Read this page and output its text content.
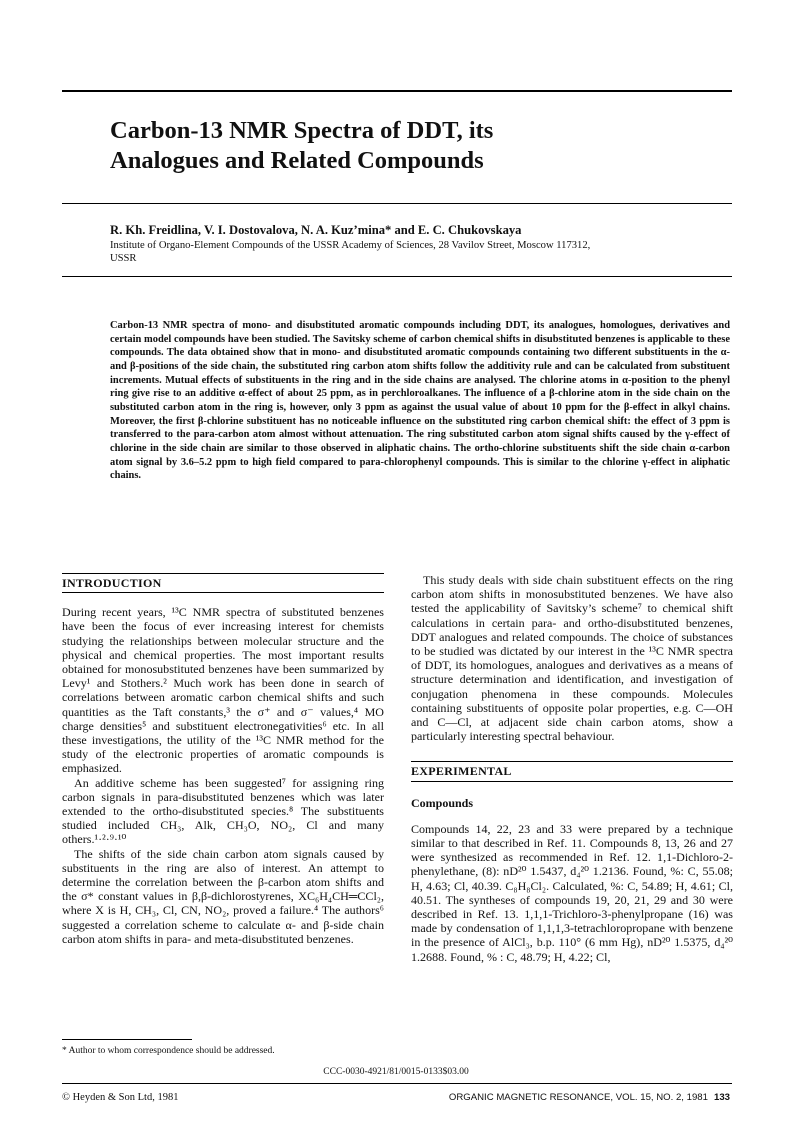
Carbon-13 NMR Spectra of DDT, its
Analogues and Related Compounds
R. Kh. Freidlina, V. I. Dostovalova, N. A. Kuz’mina* and E. C. Chukovskaya
Institute of Organo-Element Compounds of the USSR Academy of Sciences, 28 Vavilov Street, Moscow 117312,
USSR
Carbon-13 NMR spectra of mono- and disubstituted aromatic compounds including DDT, its analogues, homologues, derivatives and certain model compounds have been studied. The Savitsky scheme of carbon chemical shifts in disubstituted benzenes is applicable to these compounds. The data obtained show that in mono- and disubstituted aromatic compounds containing two different substituents in the α- and β-positions of the side chain, the substituted ring carbon atom shifts follow the additivity rule and can be calculated from substituent increments. Mutual effects of substituents in the ring and in the side chains are analysed. The chlorine atoms in α-position to the phenyl ring give rise to an additive α-effect of about 25 ppm, as in perchloroalkanes. The influence of a β-chlorine atom in the side chain on the substituted carbon atom in the ring is, however, only 3 ppm as against the usual value of about 10 ppm for the β-effect in alkyl chains. Moreover, the first β-chlorine substituent has no noticeable influence on the substituted ring carbon chemical shift: the effect of 3 ppm is transferred to the para-carbon atom almost without attenuation. The ring substituted carbon atom signal shifts caused by the γ-effect of chlorine in the side chain are similar to those observed in aliphatic chains. The ortho-chlorine substituents shift the side chain α-carbon atom signal by 3.6–5.2 ppm to high field compared to para-chlorophenyl compounds. This is similar to the chlorine γ-effect in aliphatic chains.
INTRODUCTION

During recent years, ¹³C NMR spectra of substituted benzenes have been the focus of ever increasing interest for chemists studying the relationships between molecular structure and the physical and chemical properties. The most important results obtained for monosubstituted benzenes have been summarized by Levy¹ and Stothers.² Much work has been done in search of correlations between aromatic carbon chemical shifts and such quantities as the Taft constants,³ the σ⁺ and σ⁻ values,⁴ MO charge densities⁵ and substituent electronegativities⁶ etc. In all these investigations, the utility of the ¹³C NMR method for the study of the electronic properties of aromatic compounds is emphasized.

An additive scheme has been suggested⁷ for assigning ring carbon signals in para-disubstituted benzenes which was later extended to the ortho-disubstituted species.⁸ The substituents studied included CH₃, Alk, CH₃O, NO₂, Cl and many others.¹·²·⁹·¹⁰

The shifts of the side chain carbon atom signals caused by substituents in the ring are also of interest. An attempt to determine the correlation between the β-carbon atom shifts and the σ* constant values in β,β-dichlorostyrenes, XC₆H₄CH═CCl₂, where X is H, CH₃, Cl, CN, NO₂, proved a failure.⁴ The authors⁶ suggested a correlation scheme to calculate α- and β-side chain carbon atom shifts in para- and meta-disubstituted benzenes.

This study deals with side chain substituent effects on the ring carbon atom shifts in monosubstituted benzenes. We have also tested the applicability of Savitsky’s scheme⁷ to chemical shift calculations in certain para- and ortho-disubstituted benzenes, DDT analogues and related compounds. The choice of substances to be studied was dictated by our interest in the ¹³C NMR spectra of DDT, its homologues, analogues and derivatives as a means of structure determination and identification, and investigation of conjugation phenomena in these compounds. Molecules containing substituents of opposite polar properties, e.g. C—OH and C—Cl, at adjacent side chain carbon atoms, show a particularly interesting spectral behaviour.

EXPERIMENTAL
Compounds

Compounds 14, 22, 23 and 33 were prepared by a technique similar to that described in Ref. 11. Compounds 8, 13, 26 and 27 were synthesized as recommended in Ref. 12. 1,1-Dichloro-2-phenylethane, (8): nD²⁰ 1.5437, d₄²⁰ 1.2136. Found, %: C, 55.08; H, 4.63; Cl, 40.39. C₈H₈Cl₂. Calculated, %: C, 54.89; H, 4.61; Cl, 40.51. The syntheses of compounds 19, 20, 21, 29 and 30 were described in Ref. 13. 1,1,1-Trichloro-3-phenylpropane (16) was made by condensation of 1,1,1,3-tetrachloropropane with benzene in the presence of AlCl₃, b.p. 110° (6 mm Hg), nD²⁰ 1.5375, d₄²⁰ 1.2688. Found, % : C, 48.79; H, 4.22; Cl,

* Author to whom correspondence should be addressed.
CCC-0030-4921/81/0015-0133$03.00
© Heyden & Son Ltd, 1981	ORGANIC MAGNETIC RESONANCE, VOL. 15, NO. 2, 1981 133
